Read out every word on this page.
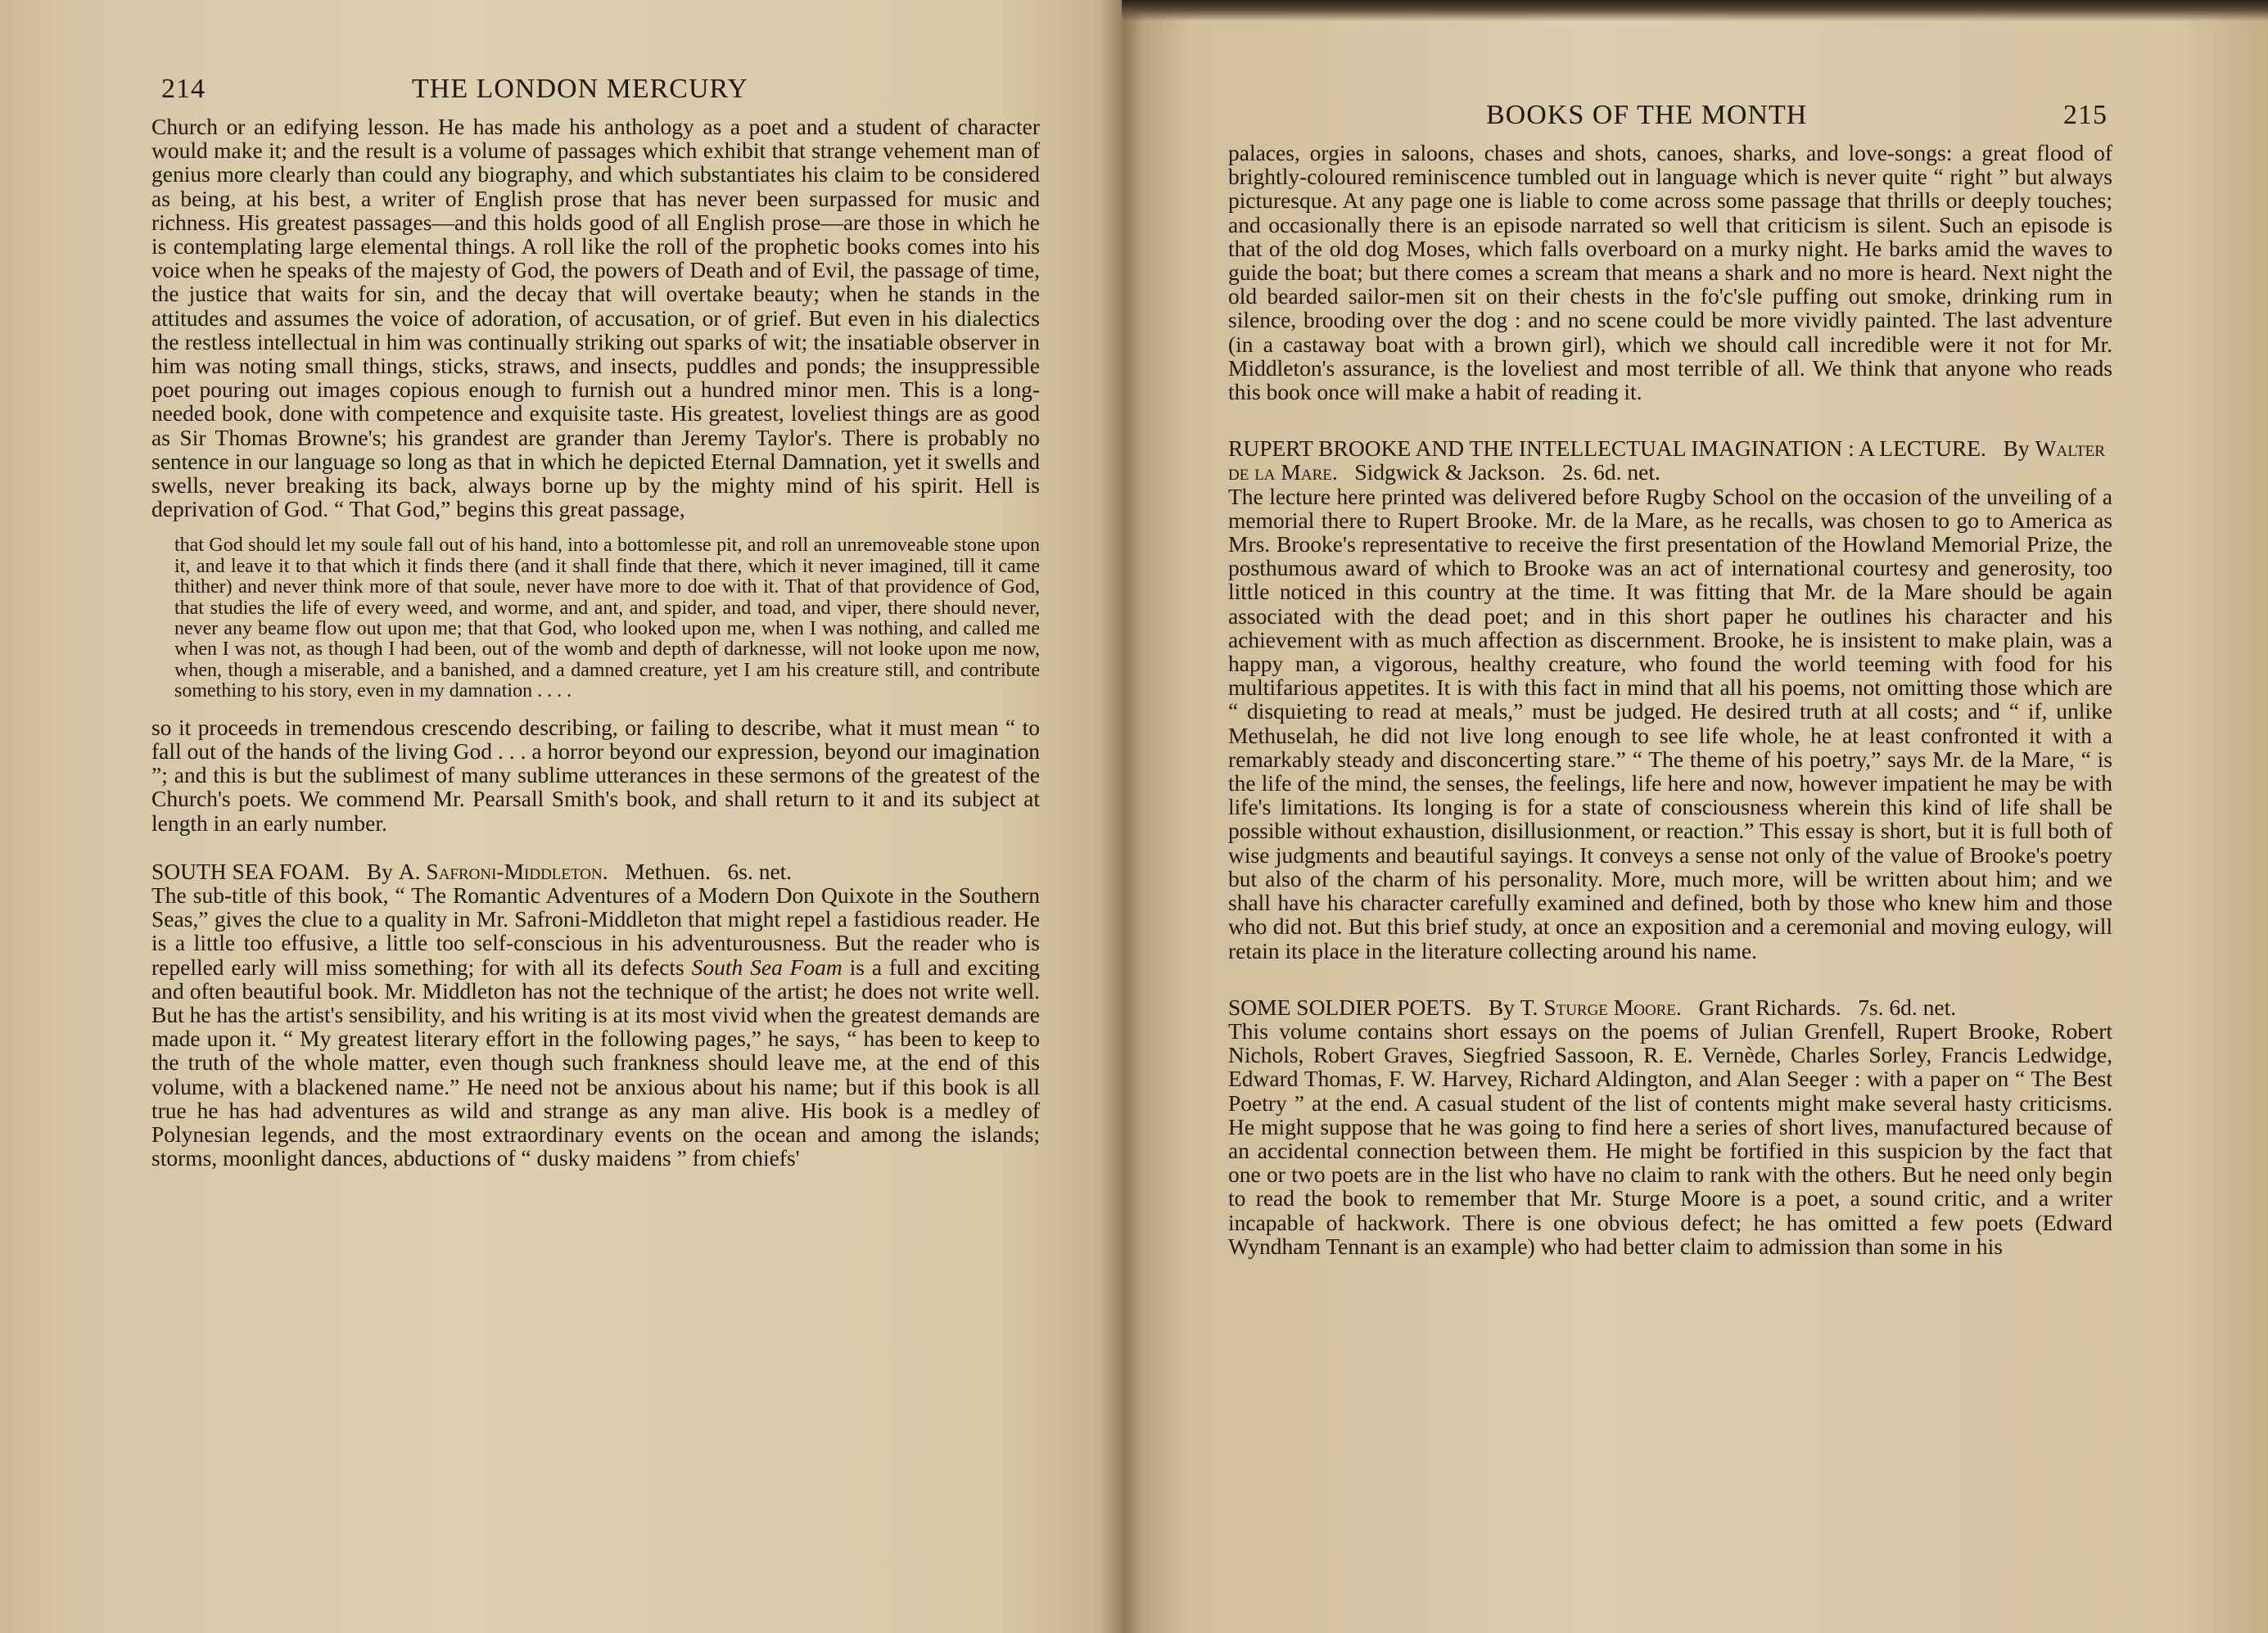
214	THE LONDON MERCURY

Church or an edifying lesson. He has made his anthology as a poet and a student of character would make it; and the result is a volume of passages which exhibit that strange vehement man of genius more clearly than could any biography, and which substantiates his claim to be considered as being, at his best, a writer of English prose that has never been surpassed for music and richness. His greatest passages—and this holds good of all English prose—are those in which he is contemplating large elemental things. A roll like the roll of the prophetic books comes into his voice when he speaks of the majesty of God, the powers of Death and of Evil, the passage of time, the justice that waits for sin, and the decay that will overtake beauty; when he stands in the attitudes and assumes the voice of adoration, of accusation, or of grief. But even in his dialectics the restless intellectual in him was continually striking out sparks of wit; the insatiable observer in him was noting small things, sticks, straws, and insects, puddles and ponds; the insuppressible poet pouring out images copious enough to furnish out a hundred minor men. This is a long-needed book, done with competence and exquisite taste. His greatest, loveliest things are as good as Sir Thomas Browne's; his grandest are grander than Jeremy Taylor's. There is probably no sentence in our language so long as that in which he depicted Eternal Damnation, yet it swells and swells, never breaking its back, always borne up by the mighty mind of his spirit. Hell is deprivation of God. “ That God,” begins this great passage,

that God should let my soule fall out of his hand, into a bottomlesse pit, and roll an unremoveable stone upon it, and leave it to that which it finds there (and it shall finde that there, which it never imagined, till it came thither) and never think more of that soule, never have more to doe with it. That of that providence of God, that studies the life of every weed, and worme, and ant, and spider, and toad, and viper, there should never, never any beame flow out upon me; that that God, who looked upon me, when I was nothing, and called me when I was not, as though I had been, out of the womb and depth of darknesse, will not looke upon me now, when, though a miserable, and a banished, and a damned creature, yet I am his creature still, and contribute something to his story, even in my damnation . . . .

so it proceeds in tremendous crescendo describing, or failing to describe, what it must mean “ to fall out of the hands of the living God . . . a horror beyond our expression, beyond our imagination ”; and this is but the sublimest of many sublime utterances in these sermons of the greatest of the Church's poets. We commend Mr. Pearsall Smith's book, and shall return to it and its subject at length in an early number.

SOUTH SEA FOAM. By A. Safroni-Middleton. Methuen. 6s. net.

The sub-title of this book, “ The Romantic Adventures of a Modern Don Quixote in the Southern Seas,” gives the clue to a quality in Mr. Safroni-Middleton that might repel a fastidious reader. He is a little too effusive, a little too self-conscious in his adventurousness. But the reader who is repelled early will miss something; for with all its defects South Sea Foam is a full and exciting and often beautiful book. Mr. Middleton has not the technique of the artist; he does not write well. But he has the artist's sensibility, and his writing is at its most vivid when the greatest demands are made upon it. “ My greatest literary effort in the following pages,” he says, “ has been to keep to the truth of the whole matter, even though such frankness should leave me, at the end of this volume, with a blackened name.” He need not be anxious about his name; but if this book is all true he has had adventures as wild and strange as any man alive. His book is a medley of Polynesian legends, and the most extraordinary events on the ocean and among the islands; storms, moonlight dances, abductions of “ dusky maidens ” from chiefs'

BOOKS OF THE MONTH	215

palaces, orgies in saloons, chases and shots, canoes, sharks, and love-songs: a great flood of brightly-coloured reminiscence tumbled out in language which is never quite “ right ” but always picturesque. At any page one is liable to come across some passage that thrills or deeply touches; and occasionally there is an episode narrated so well that criticism is silent. Such an episode is that of the old dog Moses, which falls overboard on a murky night. He barks amid the waves to guide the boat; but there comes a scream that means a shark and no more is heard. Next night the old bearded sailor-men sit on their chests in the fo'c'sle puffing out smoke, drinking rum in silence, brooding over the dog : and no scene could be more vividly painted. The last adventure (in a castaway boat with a brown girl), which we should call incredible were it not for Mr. Middleton's assurance, is the loveliest and most terrible of all. We think that anyone who reads this book once will make a habit of reading it.

RUPERT BROOKE AND THE INTELLECTUAL IMAGINATION : A LECTURE. By Walter de la Mare. Sidgwick & Jackson. 2s. 6d. net.

The lecture here printed was delivered before Rugby School on the occasion of the unveiling of a memorial there to Rupert Brooke. Mr. de la Mare, as he recalls, was chosen to go to America as Mrs. Brooke's representative to receive the first presentation of the Howland Memorial Prize, the posthumous award of which to Brooke was an act of international courtesy and generosity, too little noticed in this country at the time. It was fitting that Mr. de la Mare should be again associated with the dead poet; and in this short paper he outlines his character and his achievement with as much affection as discernment. Brooke, he is insistent to make plain, was a happy man, a vigorous, healthy creature, who found the world teeming with food for his multifarious appetites. It is with this fact in mind that all his poems, not omitting those which are “ disquieting to read at meals,” must be judged. He desired truth at all costs; and “ if, unlike Methuselah, he did not live long enough to see life whole, he at least confronted it with a remarkably steady and disconcerting stare.” “ The theme of his poetry,” says Mr. de la Mare, “ is the life of the mind, the senses, the feelings, life here and now, however impatient he may be with life's limitations. Its longing is for a state of consciousness wherein this kind of life shall be possible without exhaustion, disillusionment, or reaction.” This essay is short, but it is full both of wise judgments and beautiful sayings. It conveys a sense not only of the value of Brooke's poetry but also of the charm of his personality. More, much more, will be written about him; and we shall have his character carefully examined and defined, both by those who knew him and those who did not. But this brief study, at once an exposition and a ceremonial and moving eulogy, will retain its place in the literature collecting around his name.

SOME SOLDIER POETS. By T. Sturge Moore. Grant Richards. 7s. 6d. net.

This volume contains short essays on the poems of Julian Grenfell, Rupert Brooke, Robert Nichols, Robert Graves, Siegfried Sassoon, R. E. Vernède, Charles Sorley, Francis Ledwidge, Edward Thomas, F. W. Harvey, Richard Aldington, and Alan Seeger : with a paper on “ The Best Poetry ” at the end. A casual student of the list of contents might make several hasty criticisms. He might suppose that he was going to find here a series of short lives, manufactured because of an accidental connection between them. He might be fortified in this suspicion by the fact that one or two poets are in the list who have no claim to rank with the others. But he need only begin to read the book to remember that Mr. Sturge Moore is a poet, a sound critic, and a writer incapable of hackwork. There is one obvious defect; he has omitted a few poets (Edward Wyndham Tennant is an example) who had better claim to admission than some in his
